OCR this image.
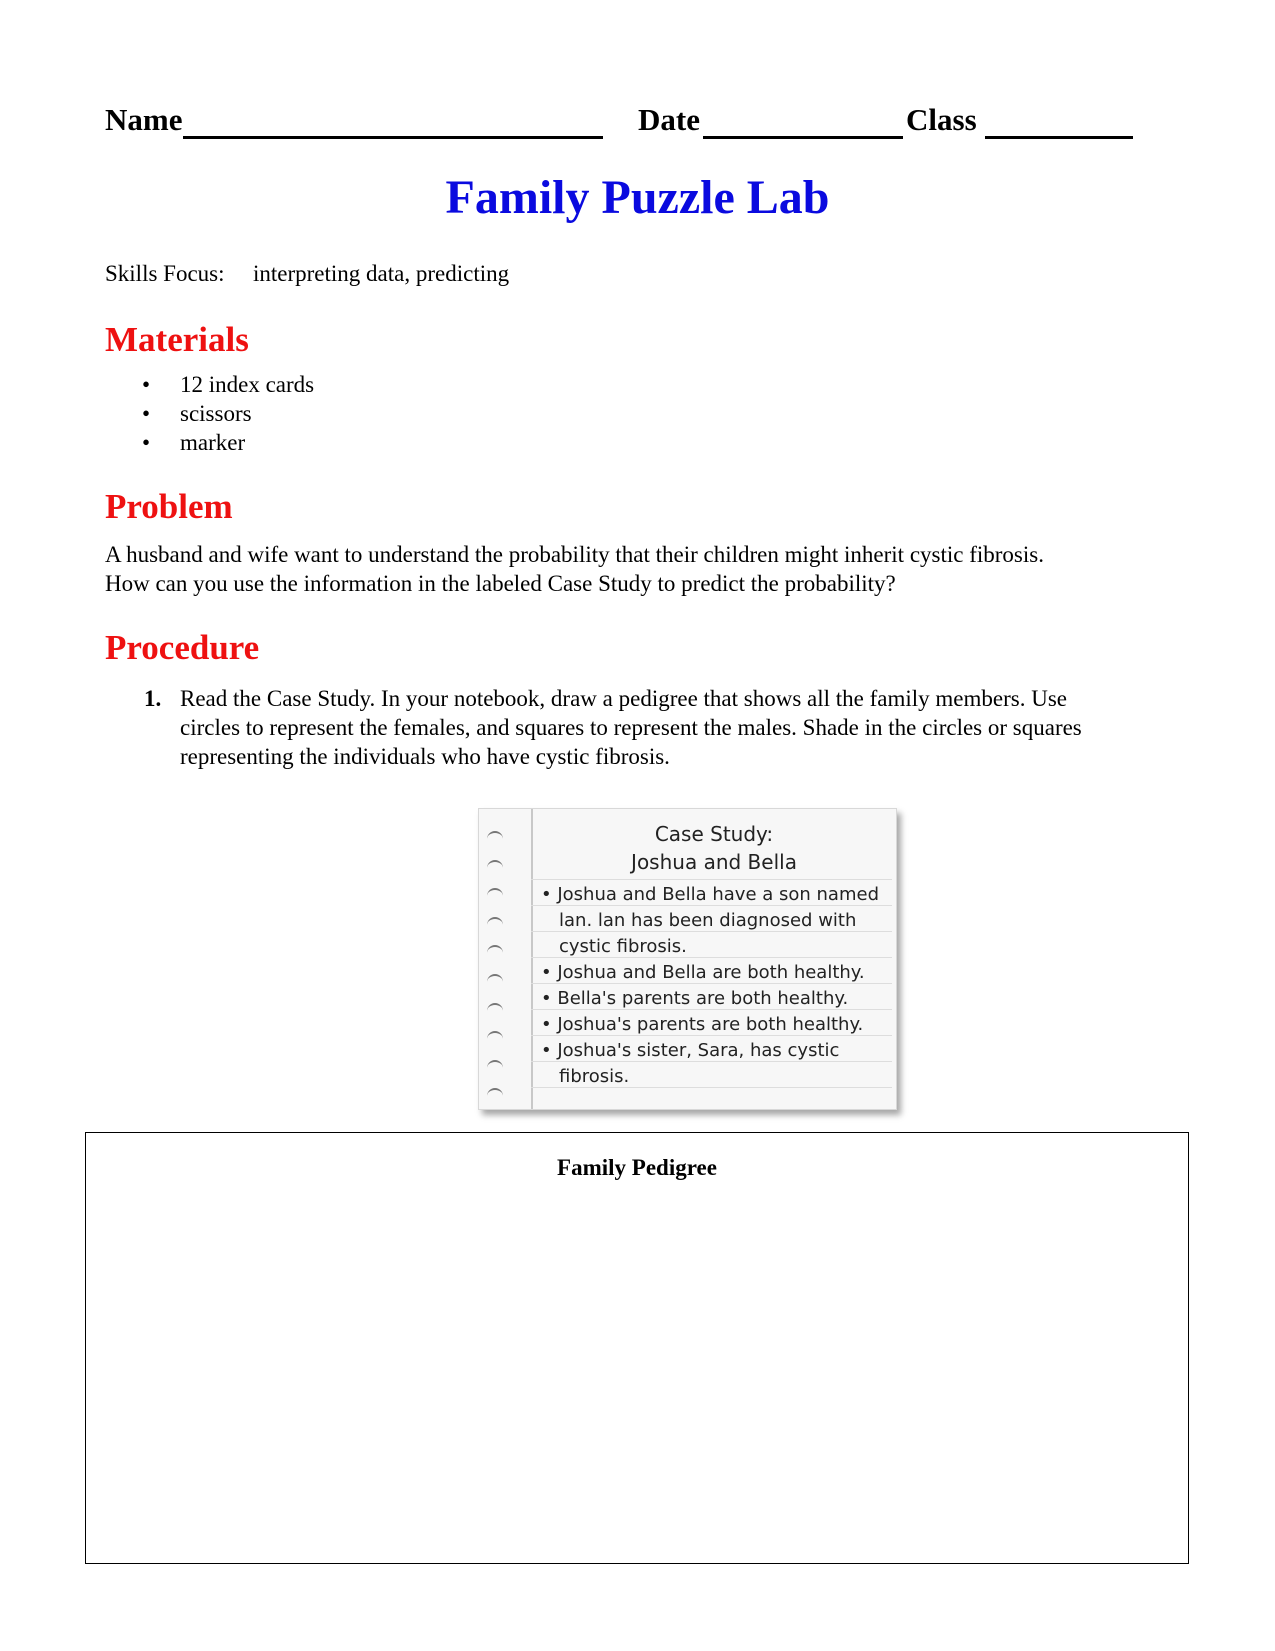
Name	Date	Class
Family Puzzle Lab
Skills Focus: interpreting data, predicting
Materials
• 12 index cards
• scissors
• marker
Problem

A husband and wife want to understand the probability that their children might inherit cystic fibrosis.

How can you use the information in the labeled Case Study to predict the probability?

Procedure
1. Read the Case Study. In your notebook, draw a pedigree that shows all the family members. Use

circles to represent the females, and squares to represent the males. Shade in the circles or squares

representing the individuals who have cystic fibrosis.

Case Study:
Joshua and Bella
• Joshua and Bella have a son named
lan. lan has been diagnosed with
cystic fibrosis.
• Joshua and Bella are both healthy.
• Bella's parents are both healthy.
• Joshua's parents are both healthy.
• Joshua's sister, Sara, has cystic
fibrosis.
Family Pedigree
